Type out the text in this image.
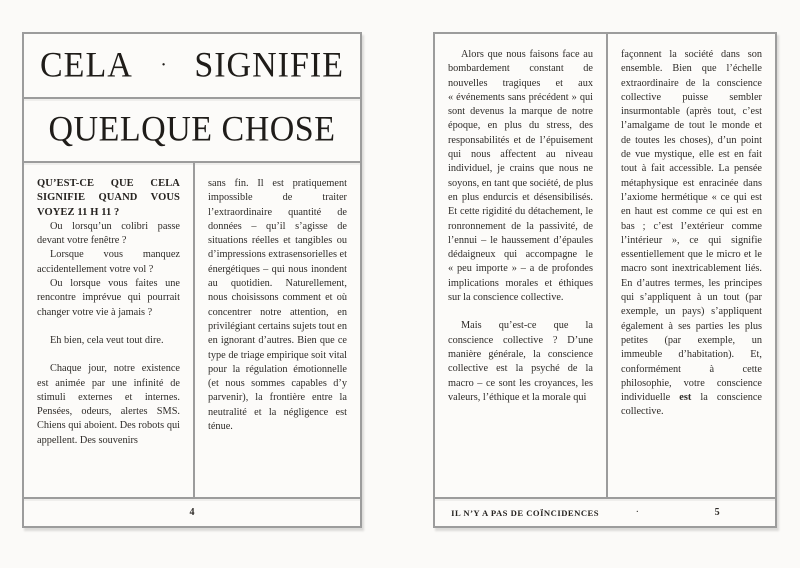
CELA · SIGNIFIE
QUELQUE CHOSE
QU’EST-CE QUE CELA SIGNIFIE QUAND VOUS VOYEZ 11 H 11 ?

Ou lorsqu’un colibri passe devant votre fenêtre ?

Lorsque vous manquez accidentellement votre vol ?

Ou lorsque vous faites une rencontre imprévue qui pourrait changer votre vie à jamais ?

Eh bien, cela veut tout dire.

Chaque jour, notre existence est animée par une infinité de stimuli externes et internes. Pensées, odeurs, alertes SMS. Chiens qui aboient. Des robots qui appellent. Des souvenirs

sans fin. Il est pratiquement impossible de traiter l’extraordinaire quantité de données – qu’il s’agisse de situations réelles et tangibles ou d’impressions extrasensorielles et énergétiques – qui nous inondent au quotidien. Naturellement, nous choisissons comment et où concentrer notre attention, en privilégiant certains sujets tout en en ignorant d’autres. Bien que ce type de triage empirique soit vital pour la régulation émotionnelle (et nous sommes capables d’y parvenir), la frontière entre la neutralité et la négligence est ténue.

4

Alors que nous faisons face au bombardement constant de nouvelles tragiques et aux « événements sans précédent » qui sont devenus la marque de notre époque, en plus du stress, des responsabilités et de l’épuisement qui nous affectent au niveau individuel, je crains que nous ne soyons, en tant que société, de plus en plus endurcis et désensibilisés. Et cette rigidité du détachement, le ronronnement de la passivité, de l’ennui – le haussement d’épaules dédaigneux qui accompagne le « peu importe » – a de profondes implications morales et éthiques sur la conscience collective.

Mais qu’est-ce que la conscience collective ? D’une manière générale, la conscience collective est la psyché de la macro – ce sont les croyances, les valeurs, l’éthique et la morale qui

façonnent la société dans son ensemble. Bien que l’échelle extraordinaire de la conscience collective puisse sembler insurmontable (après tout, c’est l’amalgame de tout le monde et de toutes les choses), d’un point de vue mystique, elle est en fait tout à fait accessible. La pensée métaphysique est enracinée dans l’axiome hermétique « ce qui est en haut est comme ce qui est en bas ; c’est l’extérieur comme l’intérieur », ce qui signifie essentiellement que le micro et le macro sont inextricablement liés. En d’autres termes, les principes qui s’appliquent à un tout (par exemple, un pays) s’appliquent également à ses parties les plus petites (par exemple, un immeuble d’habitation). Et, conformément à cette philosophie, votre conscience individuelle est la conscience collective.

IL N’Y A PAS DE COÏNCIDENCES	·	5
